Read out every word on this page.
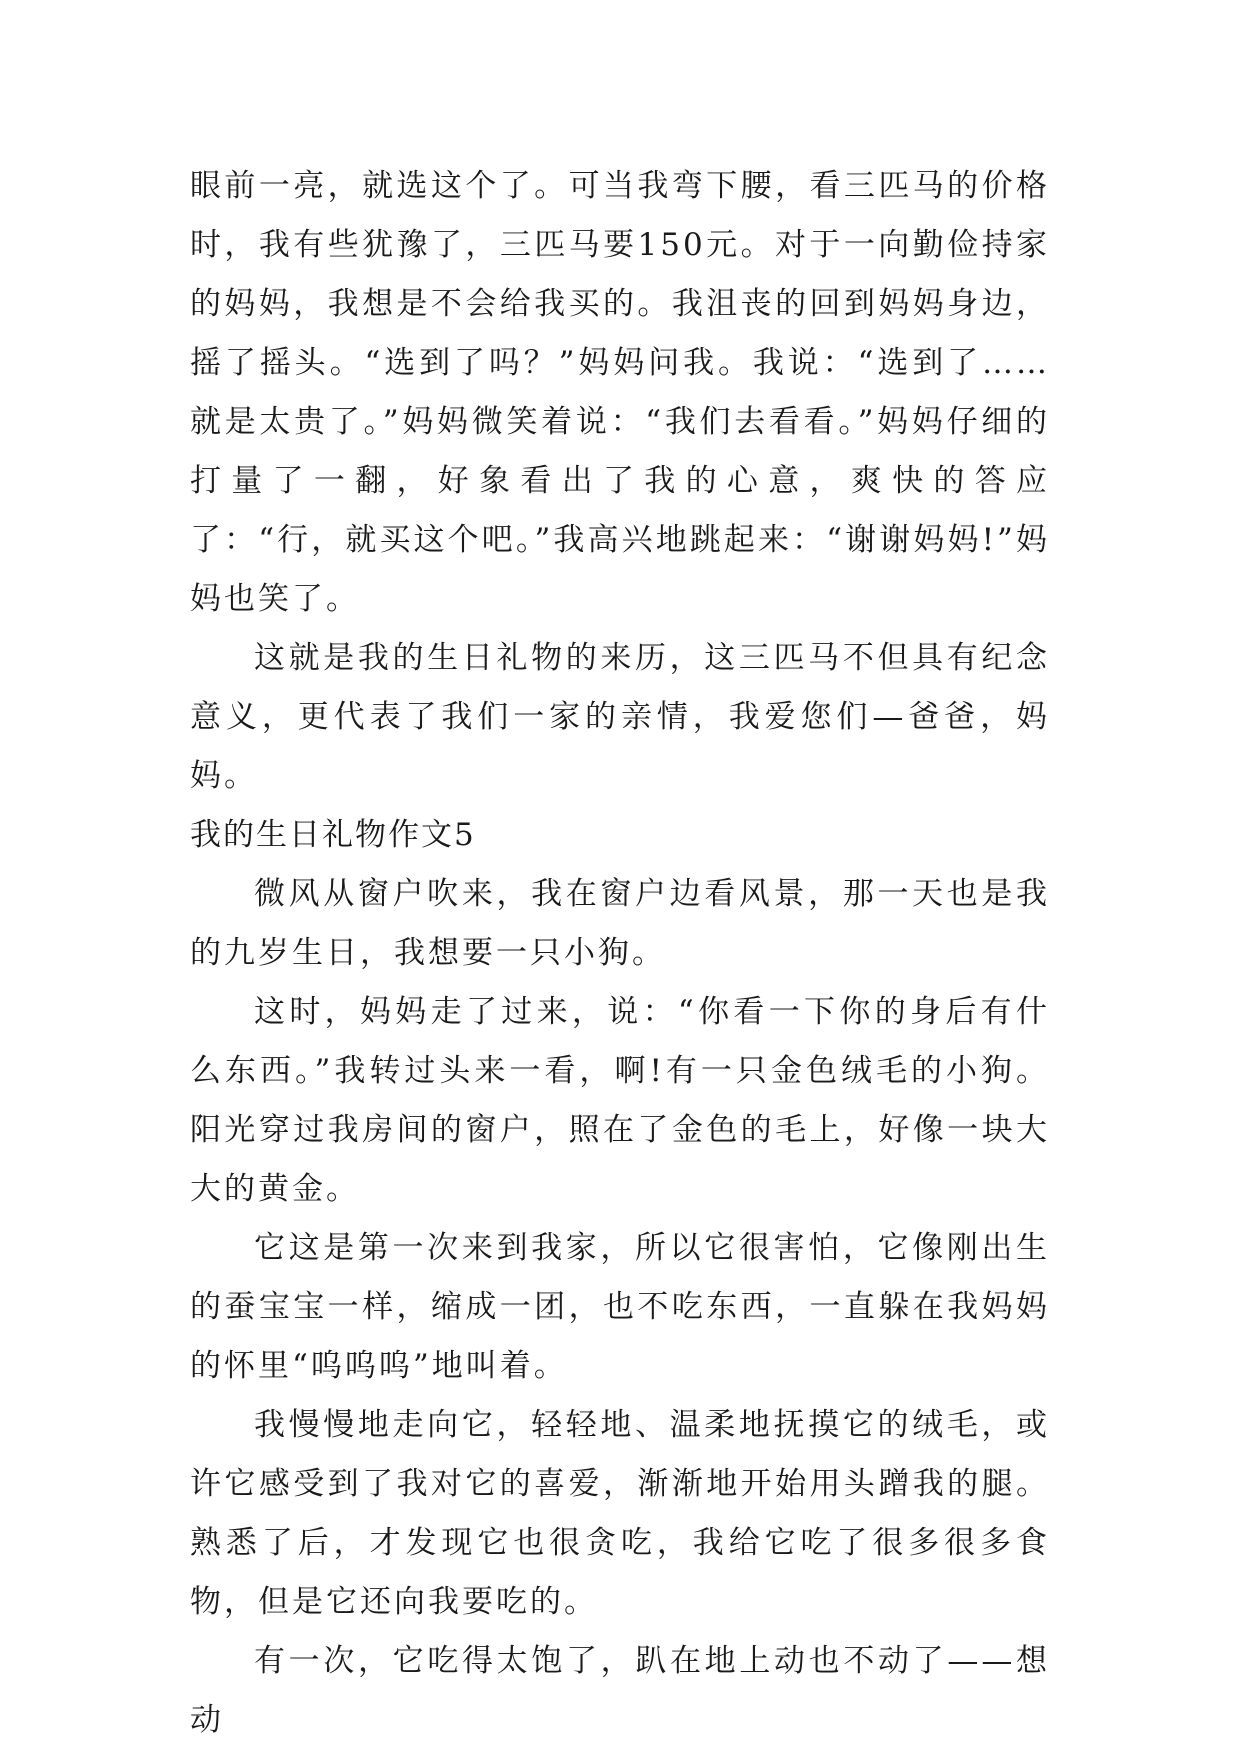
眼前一亮，就选这个了。可当我弯下腰，看三匹马的价格时，我有些犹豫了，三匹马要150元。对于一向勤俭持家的妈妈，我想是不会给我买的。我沮丧的回到妈妈身边，摇了摇头。“选到了吗？”妈妈问我。我说：“选到了……就是太贵了。”妈妈微笑着说：“我们去看看。”妈妈仔细的打量了一翻，好象看出了我的心意，爽快的答应了：“行，就买这个吧。”我高兴地跳起来：“谢谢妈妈!”妈妈也笑了。

这就是我的生日礼物的来历，这三匹马不但具有纪念意义，更代表了我们一家的亲情，我爱您们—爸爸，妈妈。

我的生日礼物作文5

微风从窗户吹来，我在窗户边看风景，那一天也是我的九岁生日，我想要一只小狗。

这时，妈妈走了过来，说：“你看一下你的身后有什么东西。”我转过头来一看，啊!有一只金色绒毛的小狗。阳光穿过我房间的窗户，照在了金色的毛上，好像一块大大的黄金。

它这是第一次来到我家，所以它很害怕，它像刚出生的蚕宝宝一样，缩成一团，也不吃东西，一直躲在我妈妈的怀里“呜呜呜”地叫着。

我慢慢地走向它，轻轻地、温柔地抚摸它的绒毛，或许它感受到了我对它的喜爱，渐渐地开始用头蹭我的腿。熟悉了后，才发现它也很贪吃，我给它吃了很多很多食物，但是它还向我要吃的。

有一次，它吃得太饱了，趴在地上动也不动了——想动
